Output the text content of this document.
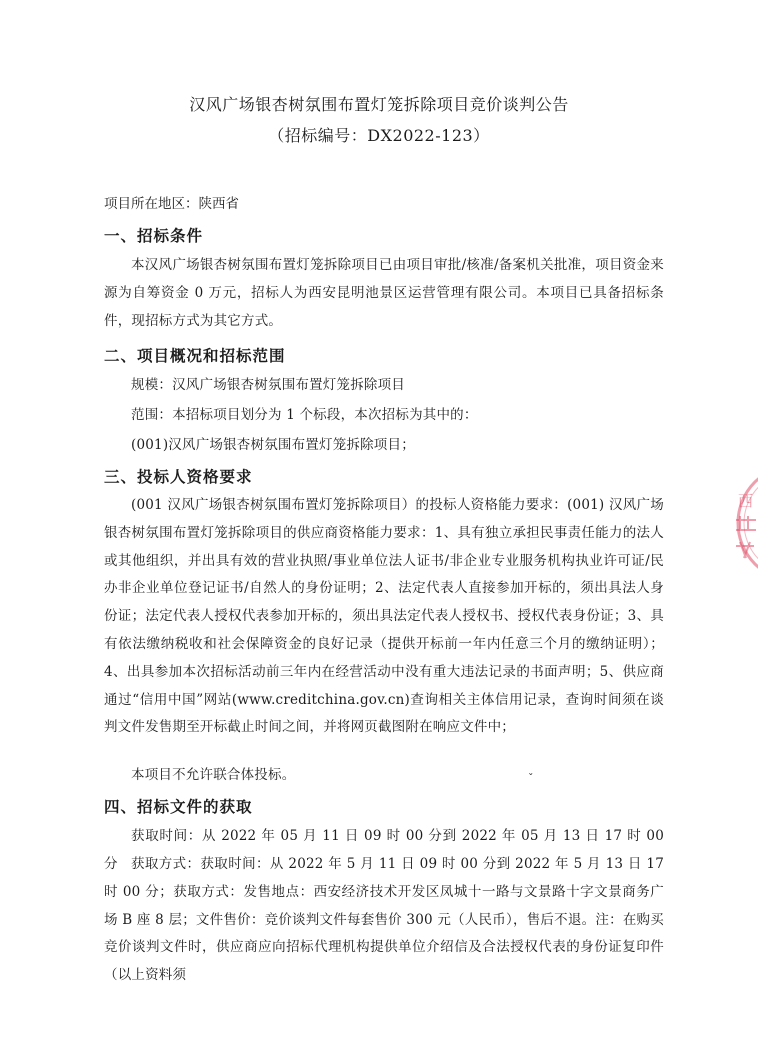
汉风广场银杏树氛围布置灯笼拆除项目竞价谈判公告
（招标编号：DX2022-123）
项目所在地区：陕西省
一、招标条件

本汉风广场银杏树氛围布置灯笼拆除项目已由项目审批/核准/备案机关批准，项目资金来源为自筹资金 0 万元，招标人为西安昆明池景区运营管理有限公司。本项目已具备招标条件，现招标方式为其它方式。

二、项目概况和招标范围

规模：汉风广场银杏树氛围布置灯笼拆除项目

范围：本招标项目划分为 1 个标段，本次招标为其中的：

(001)汉风广场银杏树氛围布置灯笼拆除项目；

三、投标人资格要求

(001 汉风广场银杏树氛围布置灯笼拆除项目）的投标人资格能力要求：(001) 汉风广场银杏树氛围布置灯笼拆除项目的供应商资格能力要求：1、具有独立承担民事责任能力的法人或其他组织，并出具有效的营业执照/事业单位法人证书/非企业专业服务机构执业许可证/民办非企业单位登记证书/自然人的身份证明；2、法定代表人直接参加开标的，须出具法人身份证；法定代表人授权代表参加开标的，须出具法定代表人授权书、授权代表身份证；3、具有依法缴纳税收和社会保障资金的良好记录（提供开标前一年内任意三个月的缴纳证明）；4、出具参加本次招标活动前三年内在经营活动中没有重大违法记录的书面声明；5、供应商通过“信用中国”网站(www.creditchina.gov.cn)查询相关主体信用记录，查询时间须在谈判文件发售期至开标截止时间之间，并将网页截图附在响应文件中；

本项目不允许联合体投标。

四、招标文件的获取

获取时间：从 2022 年 05 月 11 日 09 时 00 分到 2022 年 05 月 13 日 17 时 00 分 获取方式：获取时间：从 2022 年 5 月 11 日 09 时 00 分到 2022 年 5 月 13 日 17 时 00 分；获取方式：发售地点：西安经济技术开发区凤城十一路与文景路十字文景商务广场 B 座 8 层；文件售价：竞价谈判文件每套售价 300 元（人民币），售后不退。注：在购买竞价谈判文件时，供应商应向招标代理机构提供单位介绍信及合法授权代表的身份证复印件（以上资料须

ˇ
西
